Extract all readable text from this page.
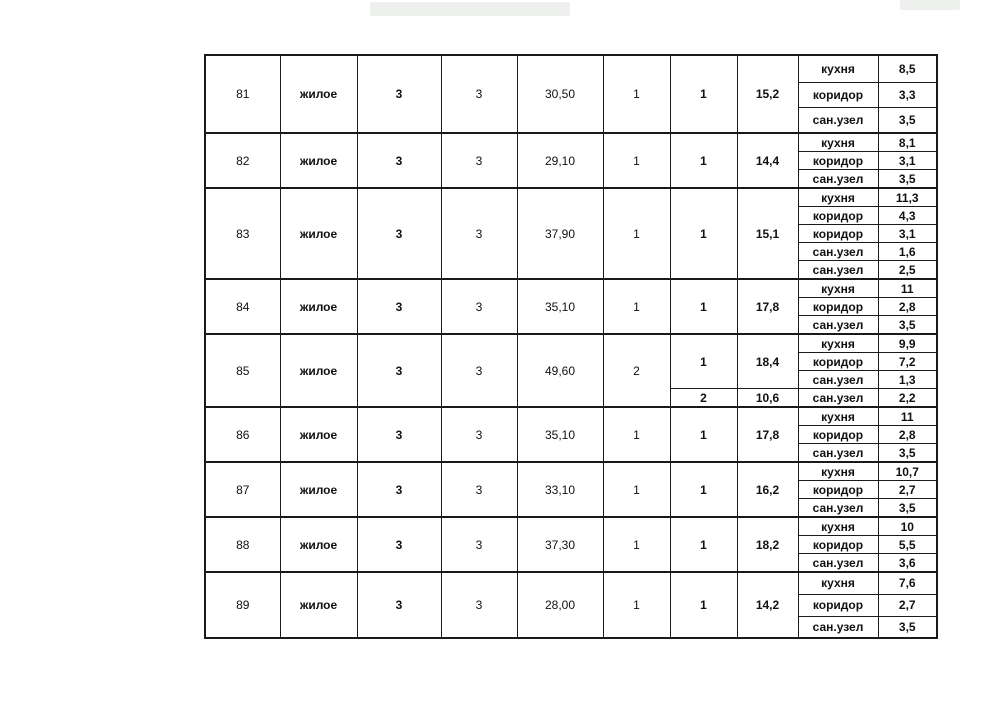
81	жилое	3	3	30,50	1	1	15,2	кухня	8,5
								коридор	3,3
								сан.узел	3,5
82	жилое	3	3	29,10	1	1	14,4	кухня	8,1
								коридор	3,1
								сан.узел	3,5
83	жилое	3	3	37,90	1	1	15,1	кухня	11,3
								коридор	4,3
								коридор	3,1
								сан.узел	1,6
								сан.узел	2,5
84	жилое	3	3	35,10	1	1	17,8	кухня	11
								коридор	2,8
								сан.узел	3,5
85	жилое	3	3	49,60	2	1	18,4	кухня	9,9
								коридор	7,2
								сан.узел	1,3
						2	10,6	сан.узел	2,2
86	жилое	3	3	35,10	1	1	17,8	кухня	11
								коридор	2,8
								сан.узел	3,5
87	жилое	3	3	33,10	1	1	16,2	кухня	10,7
								коридор	2,7
								сан.узел	3,5
88	жилое	3	3	37,30	1	1	18,2	кухня	10
								коридор	5,5
								сан.узел	3,6
89	жилое	3	3	28,00	1	1	14,2	кухня	7,6
								коридор	2,7
								сан.узел	3,5
